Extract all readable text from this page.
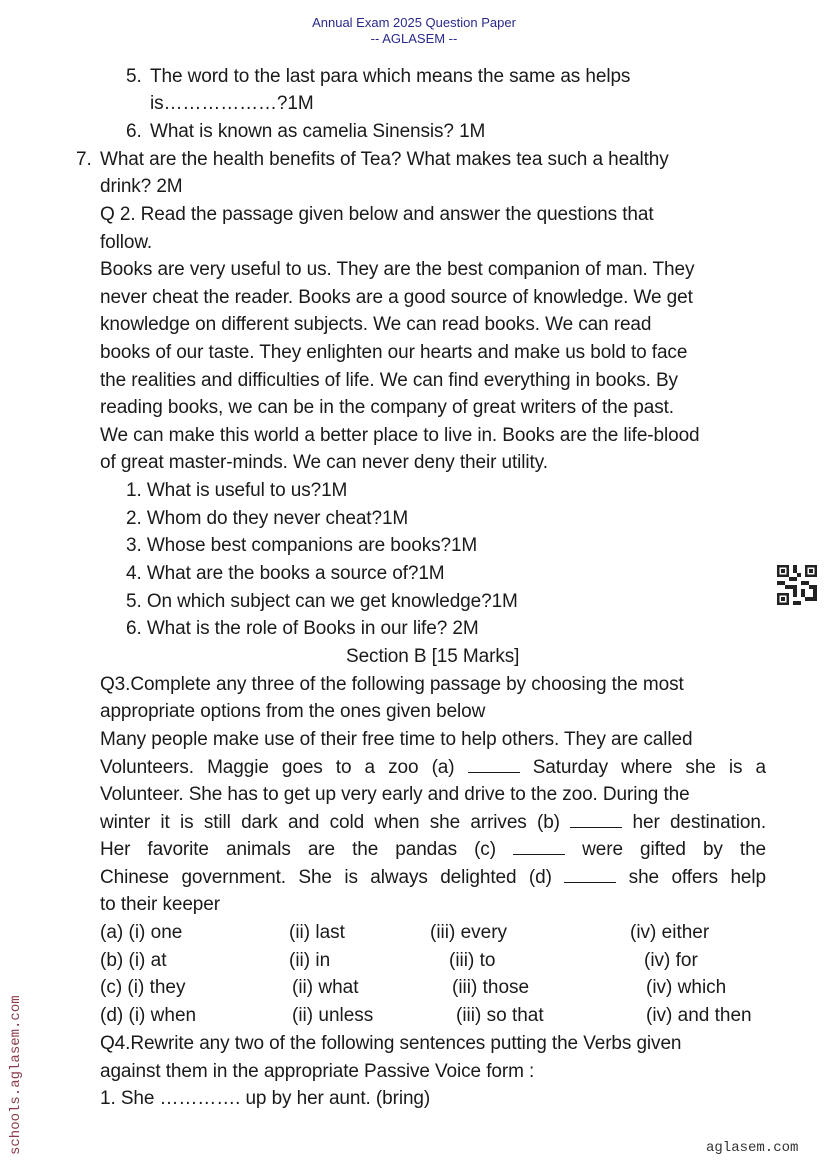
Annual Exam 2025 Question Paper
-- AGLASEM --
5. The word to the last para which means the same as helps
is………………?1M
6. What is known as camelia Sinensis? 1M
7. What are the health benefits of Tea? What makes tea such a healthy
drink? 2M
Q 2. Read the passage given below and answer the questions that
follow.
Books are very useful to us. They are the best companion of man. They
never cheat the reader. Books are a good source of knowledge. We get
knowledge on different subjects. We can read books. We can read
books of our taste. They enlighten our hearts and make us bold to face
the realities and difficulties of life. We can find everything in books. By
reading books, we can be in the company of great writers of the past.
We can make this world a better place to live in. Books are the life-blood
of great master-minds. We can never deny their utility.
1. What is useful to us?1M
2. Whom do they never cheat?1M
3. Whose best companions are books?1M
4. What are the books a source of?1M
5. On which subject can we get knowledge?1M
6. What is the role of Books in our life? 2M
Section B [15 Marks]
Q3.Complete any three of the following passage by choosing the most
appropriate options from the ones given below
Many people make use of their free time to help others. They are called
Volunteers. Maggie goes to a zoo (a)	Saturday where she is a
Volunteer. She has to get up very early and drive to the zoo. During the
winter it is still dark and cold when she arrives (b)	her destination.
Her favorite animals are the pandas (c)	were gifted by the
Chinese government. She is always delighted (d)	she offers help
to their keeper
(a) (i) one	(ii) last	(iii) every	(iv) either
(b) (i) at	(ii) in	(iii) to	(iv) for
(c) (i) they	(ii) what	(iii) those	(iv) which
(d) (i) when	(ii) unless	(iii) so that	(iv) and then
Q4.Rewrite any two of the following sentences putting the Verbs given
against them in the appropriate Passive Voice form :
1. She …………. up by her aunt. (bring)
schools.aglasem.com	aglasem.com
